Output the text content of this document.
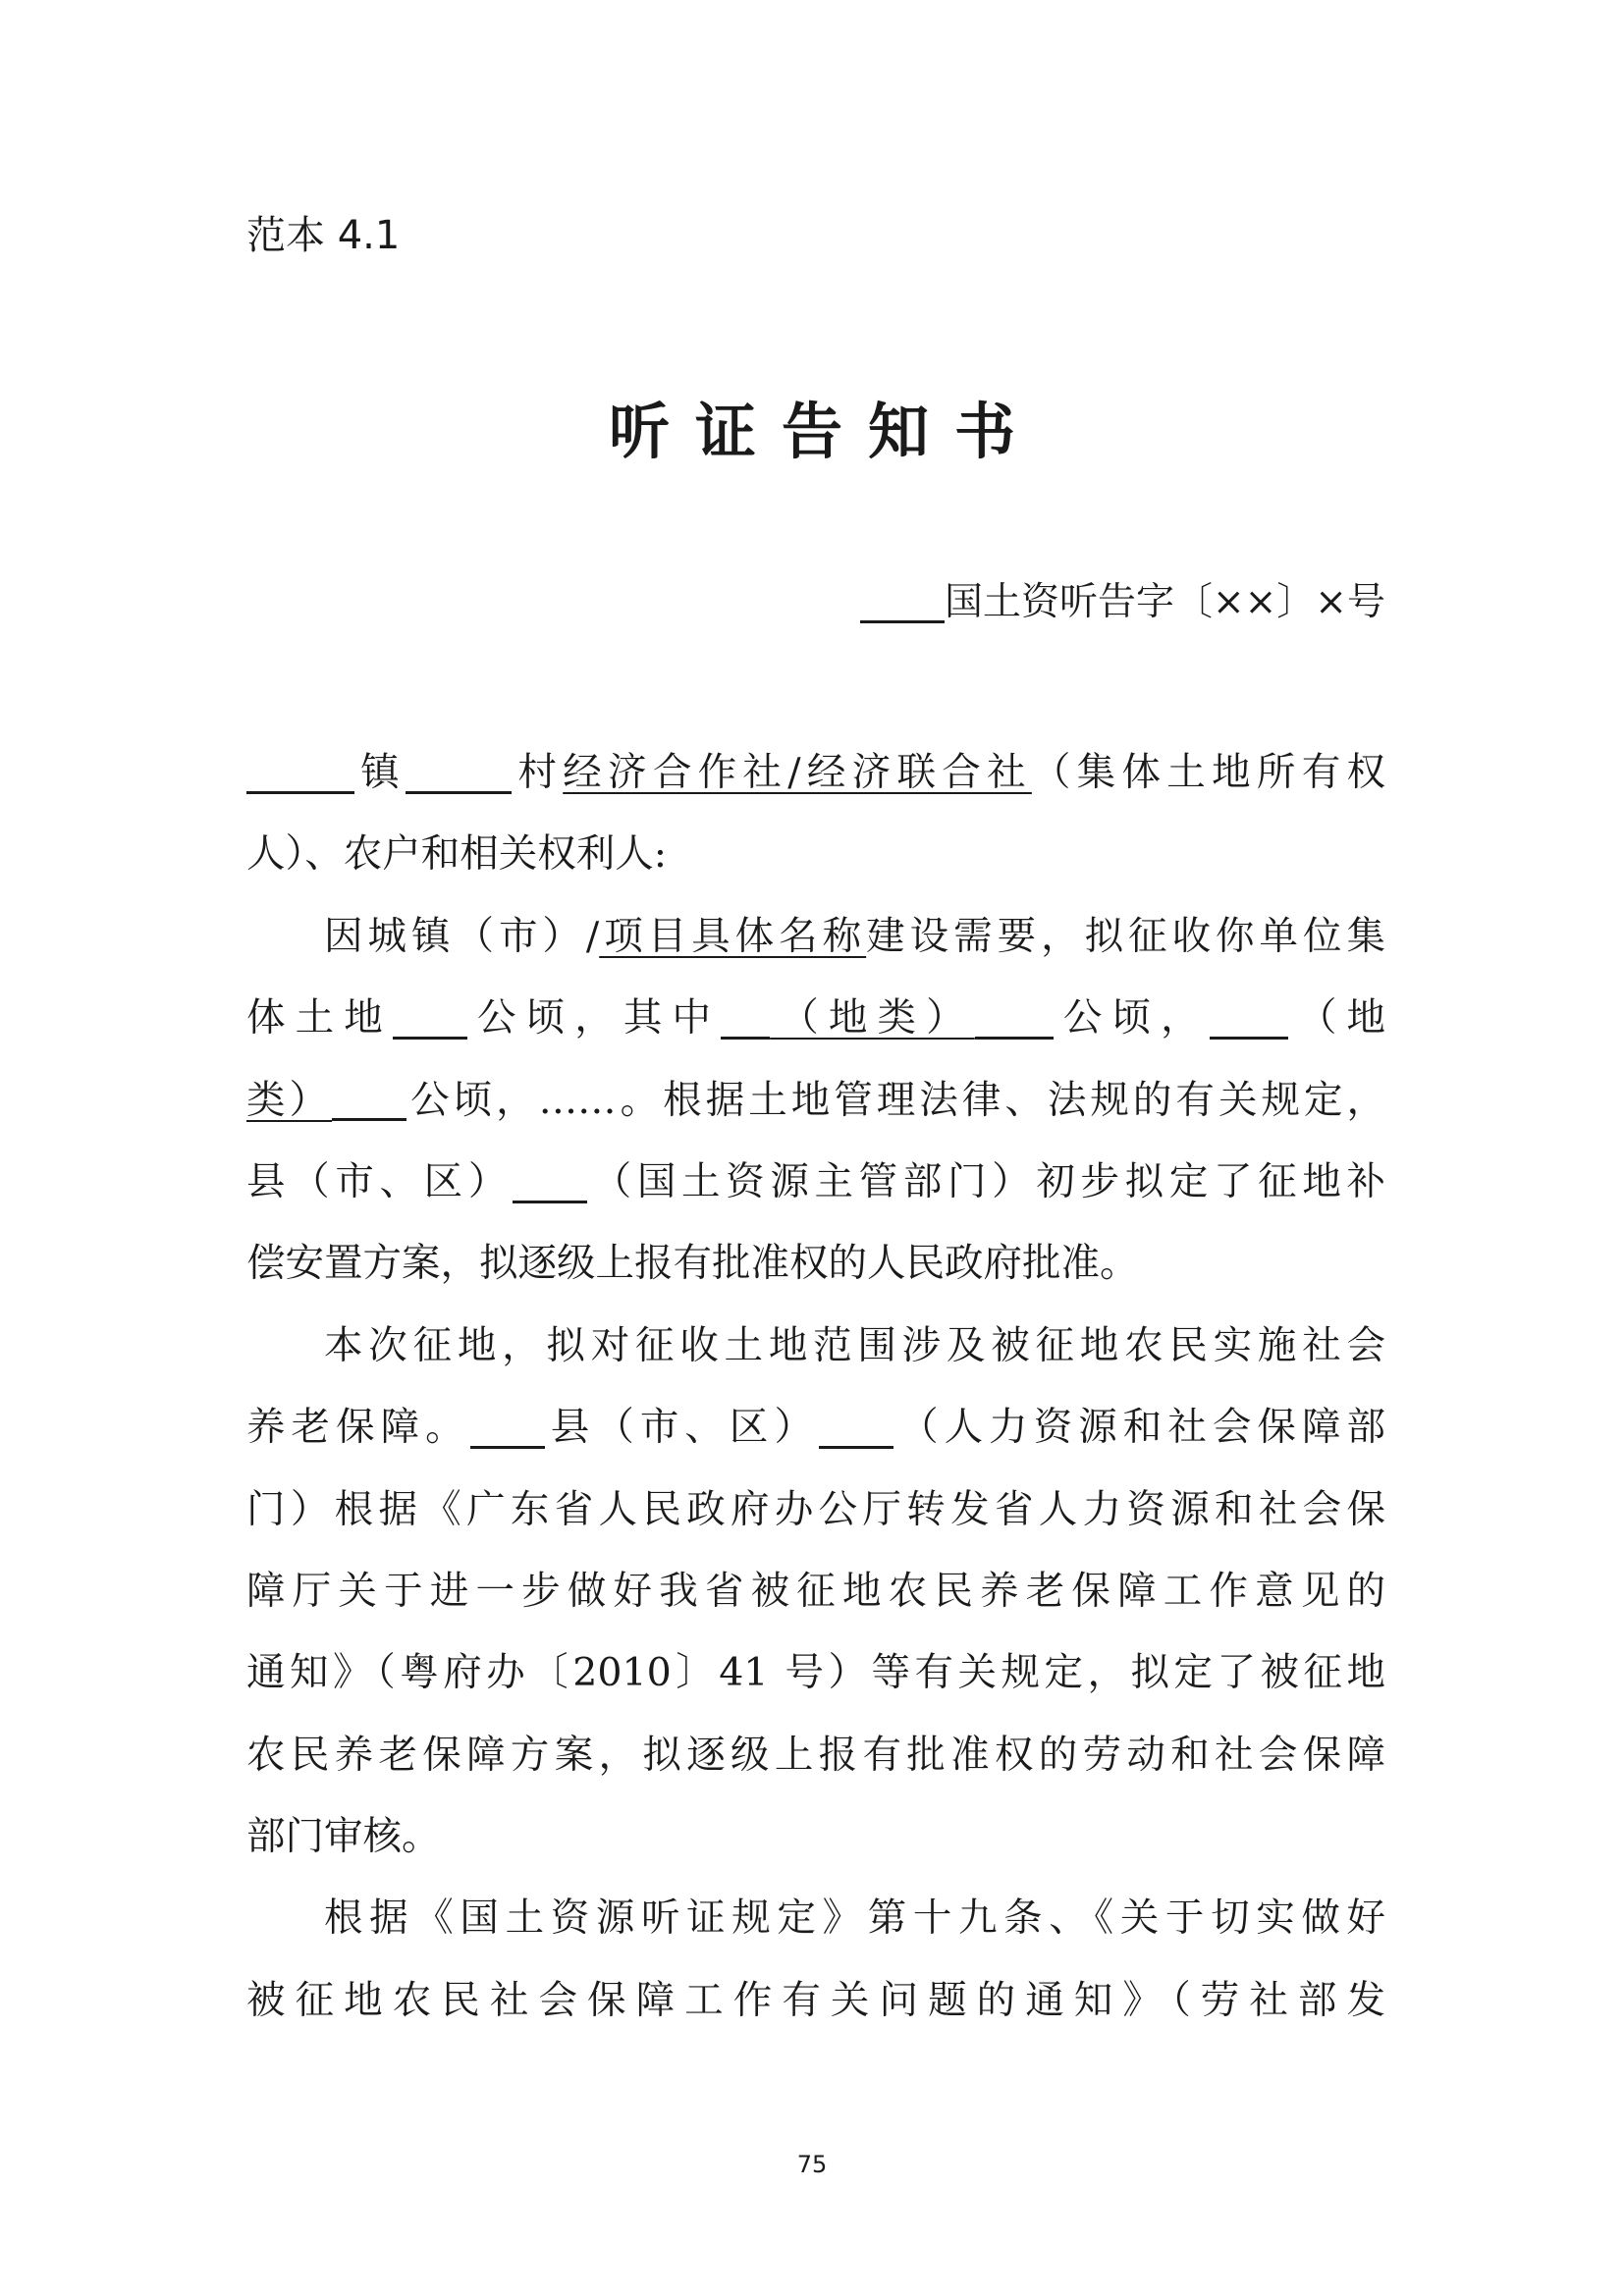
范本 4.1
听证告知书
国土资听告字〔××〕×号
镇	村经济合作社/经济联合社（集体土地所有权
人）、农户和相关权利人:
因城镇（市）/项目具体名称建设需要，拟征收你单位集
体土地 公顷，其中 （地类） 公顷， （地
类） 公顷，……。根据土地管理法律、法规的有关规定，
县（市、区） （国土资源主管部门）初步拟定了征地补
偿安置方案，拟逐级上报有批准权的人民政府批准。
本次征地，拟对征收土地范围涉及被征地农民实施社会
养老保障。 县（市、区） （人力资源和社会保障部
门）根据《广东省人民政府办公厅转发省人力资源和社会保
障厅关于进一步做好我省被征地农民养老保障工作意见的
通知》（粤府办〔2010〕41 号）等有关规定，拟定了被征地
农民养老保障方案，拟逐级上报有批准权的劳动和社会保障
部门审核。
根据《国土资源听证规定》第十九条、《关于切实做好
被征地农民社会保障工作有关问题的通知》（劳社部发
75
